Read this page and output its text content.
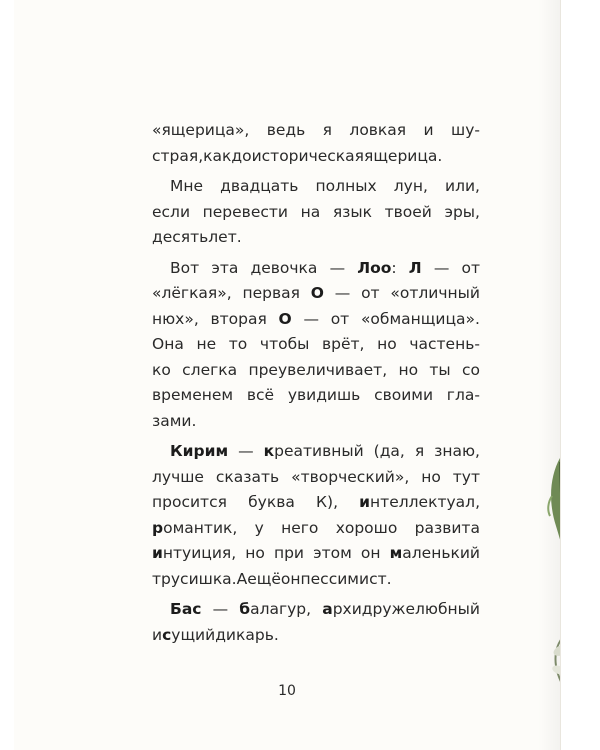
«ящерица», ведь я ловкая и шу-
страя, как доисторическая ящерица.
Мне двадцать полных лун, или,
если перевести на язык твоей эры,
десять лет.
Вот эта девочка — Лоо: Л — от
«лёгкая», первая О — от «отличный
нюх», вторая О — от «обманщица».
Она не то чтобы врёт, но частень-
ко слегка преувеличивает, но ты со
временем всё увидишь своими гла-
зами.
Кирим — креативный (да, я знаю,
лучше сказать «творческий», но тут
просится буква К), интеллектуал,
романтик, у него хорошо развита
интуиция, но при этом он маленький
трусишка. А ещё он пессимист.
Бас — балагур, архидружелюбный
и сущий дикарь.
10
